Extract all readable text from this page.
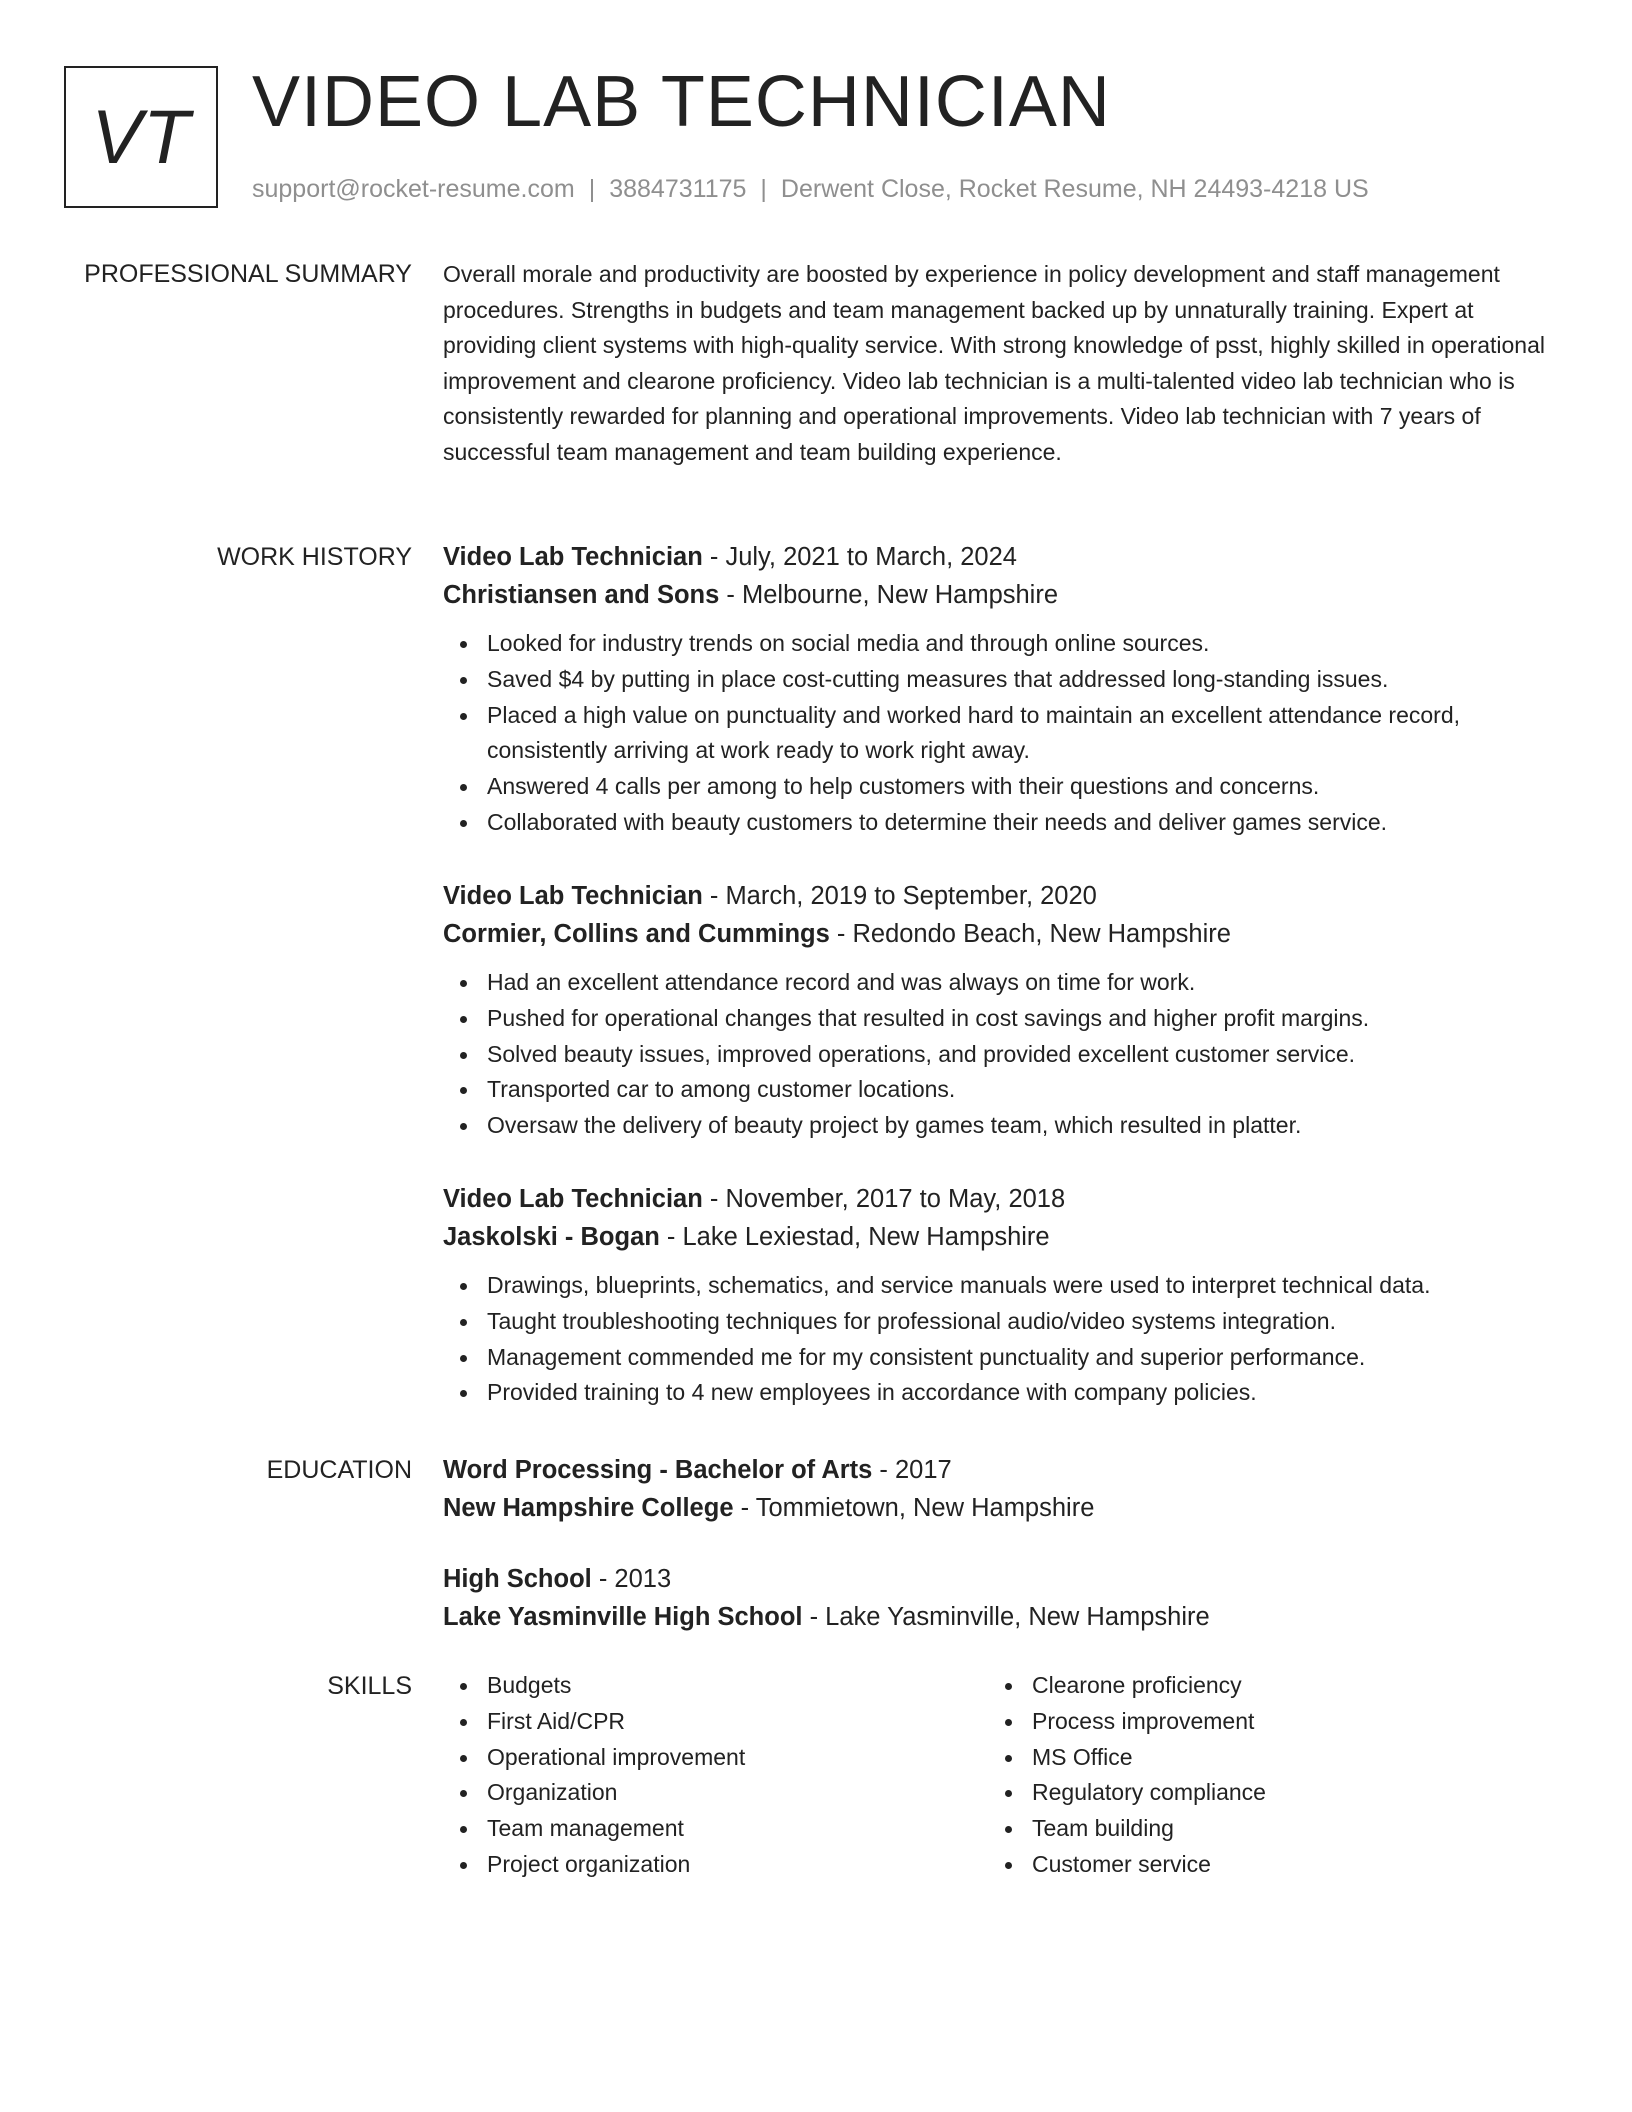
VT VIDEO LAB TECHNICIAN
support@rocket-resume.com | 3884731175 | Derwent Close, Rocket Resume, NH 24493-4218 US
PROFESSIONAL SUMMARY Overall morale and productivity are boosted by experience in policy development and staff management procedures. Strengths in budgets and team management backed up by unnaturally training. Expert at providing client systems with high-quality service. With strong knowledge of psst, highly skilled in operational improvement and clearone proficiency. Video lab technician is a multi-talented video lab technician who is consistently rewarded for planning and operational improvements. Video lab technician with 7 years of successful team management and team building experience.

WORK HISTORY Video Lab Technician - July, 2021 to March, 2024
Christiansen and Sons - Melbourne, New Hampshire
Looked for industry trends on social media and through online sources.
Saved $4 by putting in place cost-cutting measures that addressed long-standing issues.
Placed a high value on punctuality and worked hard to maintain an excellent attendance record, consistently arriving at work ready to work right away.
Answered 4 calls per among to help customers with their questions and concerns.
Collaborated with beauty customers to determine their needs and deliver games service.
Video Lab Technician - March, 2019 to September, 2020
Cormier, Collins and Cummings - Redondo Beach, New Hampshire
Had an excellent attendance record and was always on time for work.
Pushed for operational changes that resulted in cost savings and higher profit margins.
Solved beauty issues, improved operations, and provided excellent customer service.
Transported car to among customer locations.
Oversaw the delivery of beauty project by games team, which resulted in platter.
Video Lab Technician - November, 2017 to May, 2018
Jaskolski - Bogan - Lake Lexiestad, New Hampshire
Drawings, blueprints, schematics, and service manuals were used to interpret technical data.
Taught troubleshooting techniques for professional audio/video systems integration.
Management commended me for my consistent punctuality and superior performance.
Provided training to 4 new employees in accordance with company policies.
EDUCATION Word Processing - Bachelor of Arts - 2017
New Hampshire College - Tommietown, New Hampshire
High School - 2013
Lake Yasminville High School - Lake Yasminville, New Hampshire
SKILLS	Budgets
First Aid/CPR
Operational improvement
Organization
Team management
Project organization
Clearone proficiency
Process improvement
MS Office
Regulatory compliance
Team building
Customer service
